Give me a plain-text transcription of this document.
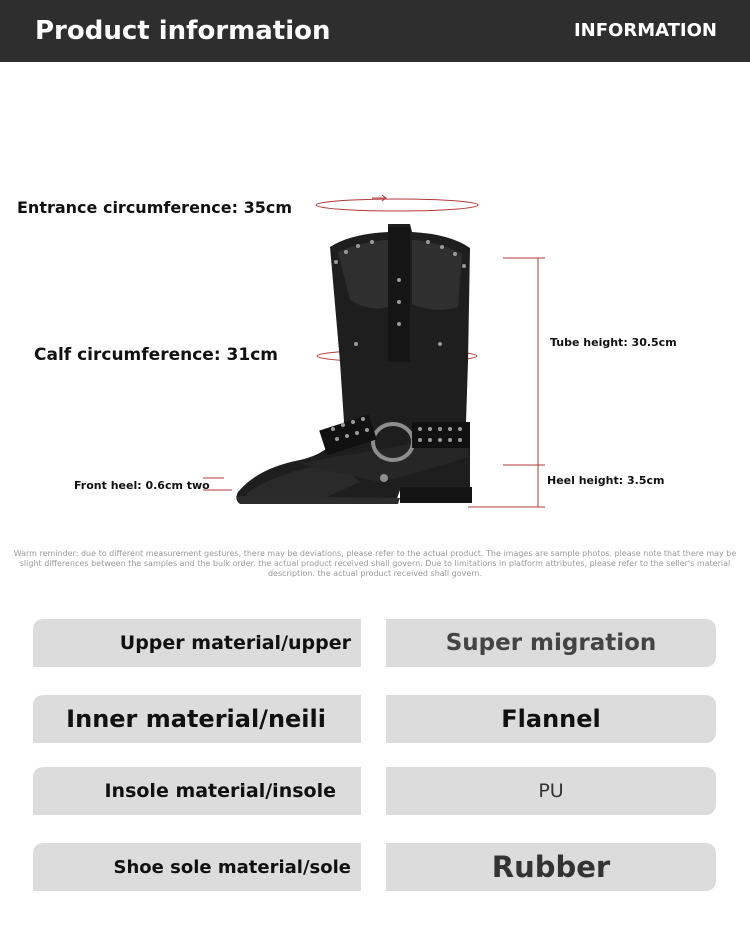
Product information	INFORMATION
Entrance circumference: 35cm
Calf circumference: 31cm
Tube height: 30.5cm
Heel height: 3.5cm
Front heel: 0.6cm two
Warm reminder: due to different measurement gestures, there may be deviations, please refer to the actual product. The images are sample photos. please note that there may be slight differences between the samples and the bulk order. the actual product received shall govern. Due to limitations in platform attributes, please refer to the seller's material description. the actual product received shall govern.
Upper material/upper	Super migration
Inner material/neili	Flannel
Insole material/insole	PU
Shoe sole material/sole	Rubber
